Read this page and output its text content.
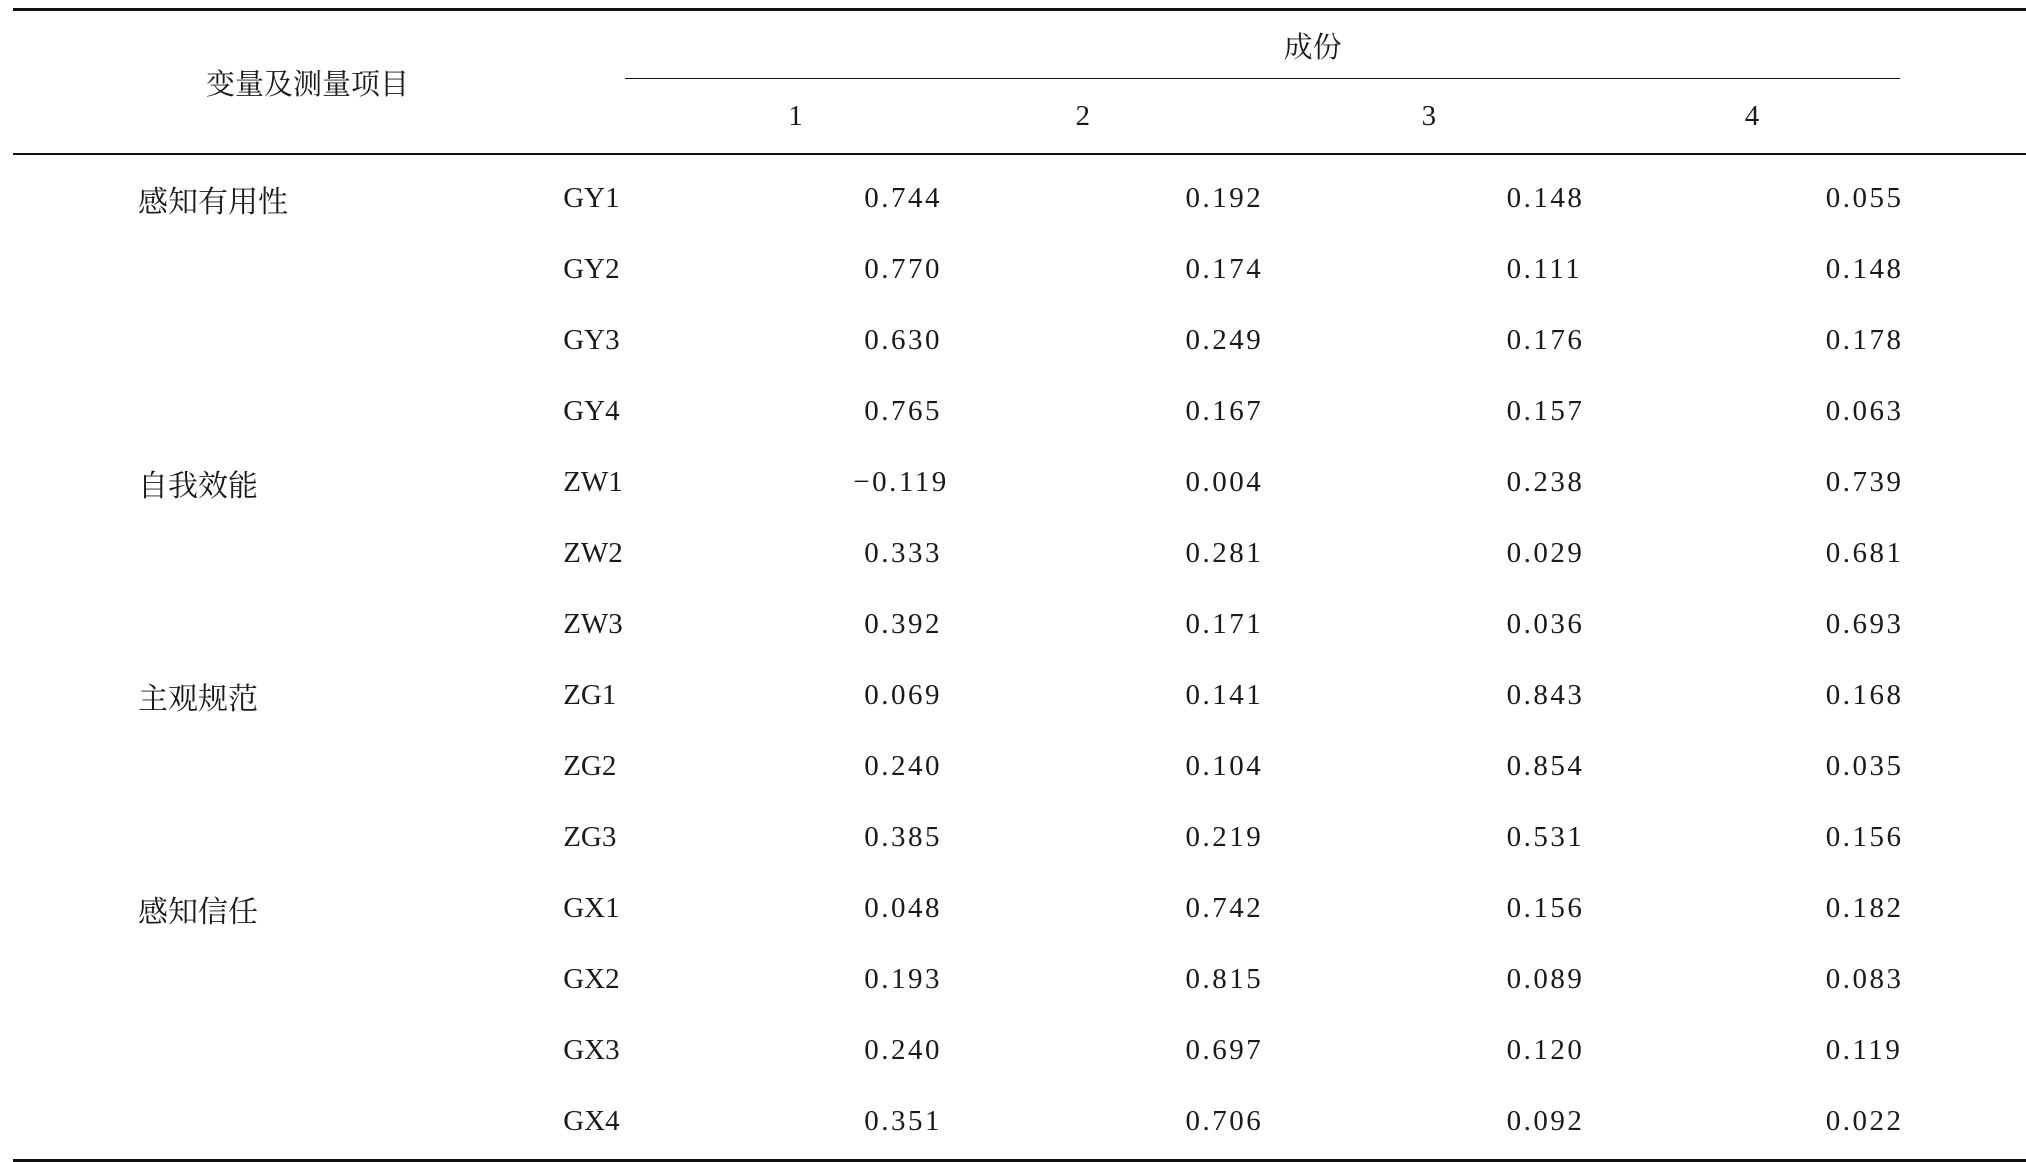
变量及测量项目		成份			
		1	2	3	4
感知有用性	GY1	0.744	0.192	0.148	0.055
	GY2	0.770	0.174	0.111	0.148
	GY3	0.630	0.249	0.176	0.178
	GY4	0.765	0.167	0.157	0.063
自我效能	ZW1	−0.119	0.004	0.238	0.739
	ZW2	0.333	0.281	0.029	0.681
	ZW3	0.392	0.171	0.036	0.693
主观规范	ZG1	0.069	0.141	0.843	0.168
	ZG2	0.240	0.104	0.854	0.035
	ZG3	0.385	0.219	0.531	0.156
感知信任	GX1	0.048	0.742	0.156	0.182
	GX2	0.193	0.815	0.089	0.083
	GX3	0.240	0.697	0.120	0.119
	GX4	0.351	0.706	0.092	0.022
